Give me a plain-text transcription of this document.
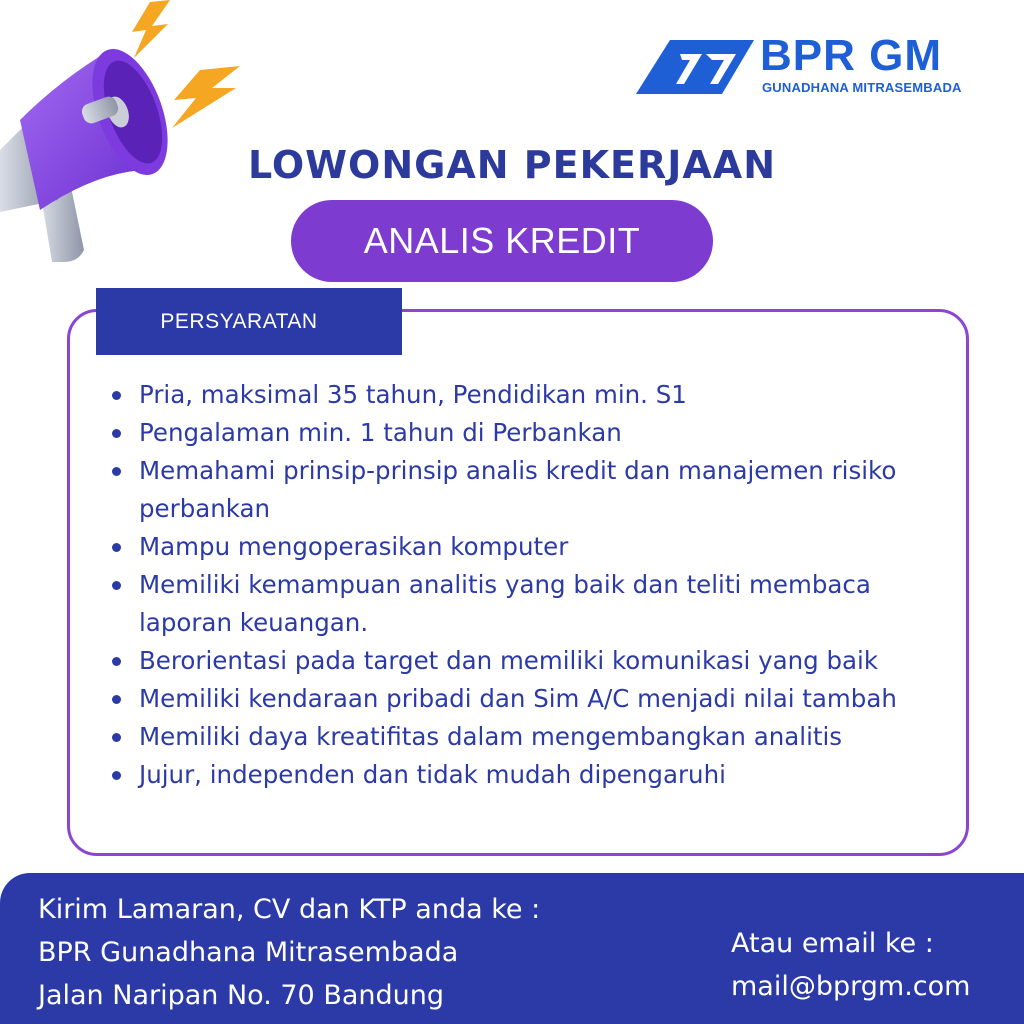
BPR GM
GUNADHANA MITRASEMBADA
LOWONGAN PEKERJAAN
ANALIS KREDIT
PERSYARATAN
Pria, maksimal 35 tahun, Pendidikan min. S1
Pengalaman min. 1 tahun di Perbankan
Memahami prinsip-prinsip analis kredit dan manajemen risiko perbankan
Mampu mengoperasikan komputer
Memiliki kemampuan analitis yang baik dan teliti membaca laporan keuangan.
Berorientasi pada target dan memiliki komunikasi yang baik
Memiliki kendaraan pribadi dan Sim A/C menjadi nilai tambah
Memiliki daya kreatifitas dalam mengembangkan analitis
Jujur, independen dan tidak mudah dipengaruhi
Kirim Lamaran, CV dan KTP anda ke :
BPR Gunadhana Mitrasembada
Jalan Naripan No. 70 Bandung
Atau email ke :
mail@bprgm.com
